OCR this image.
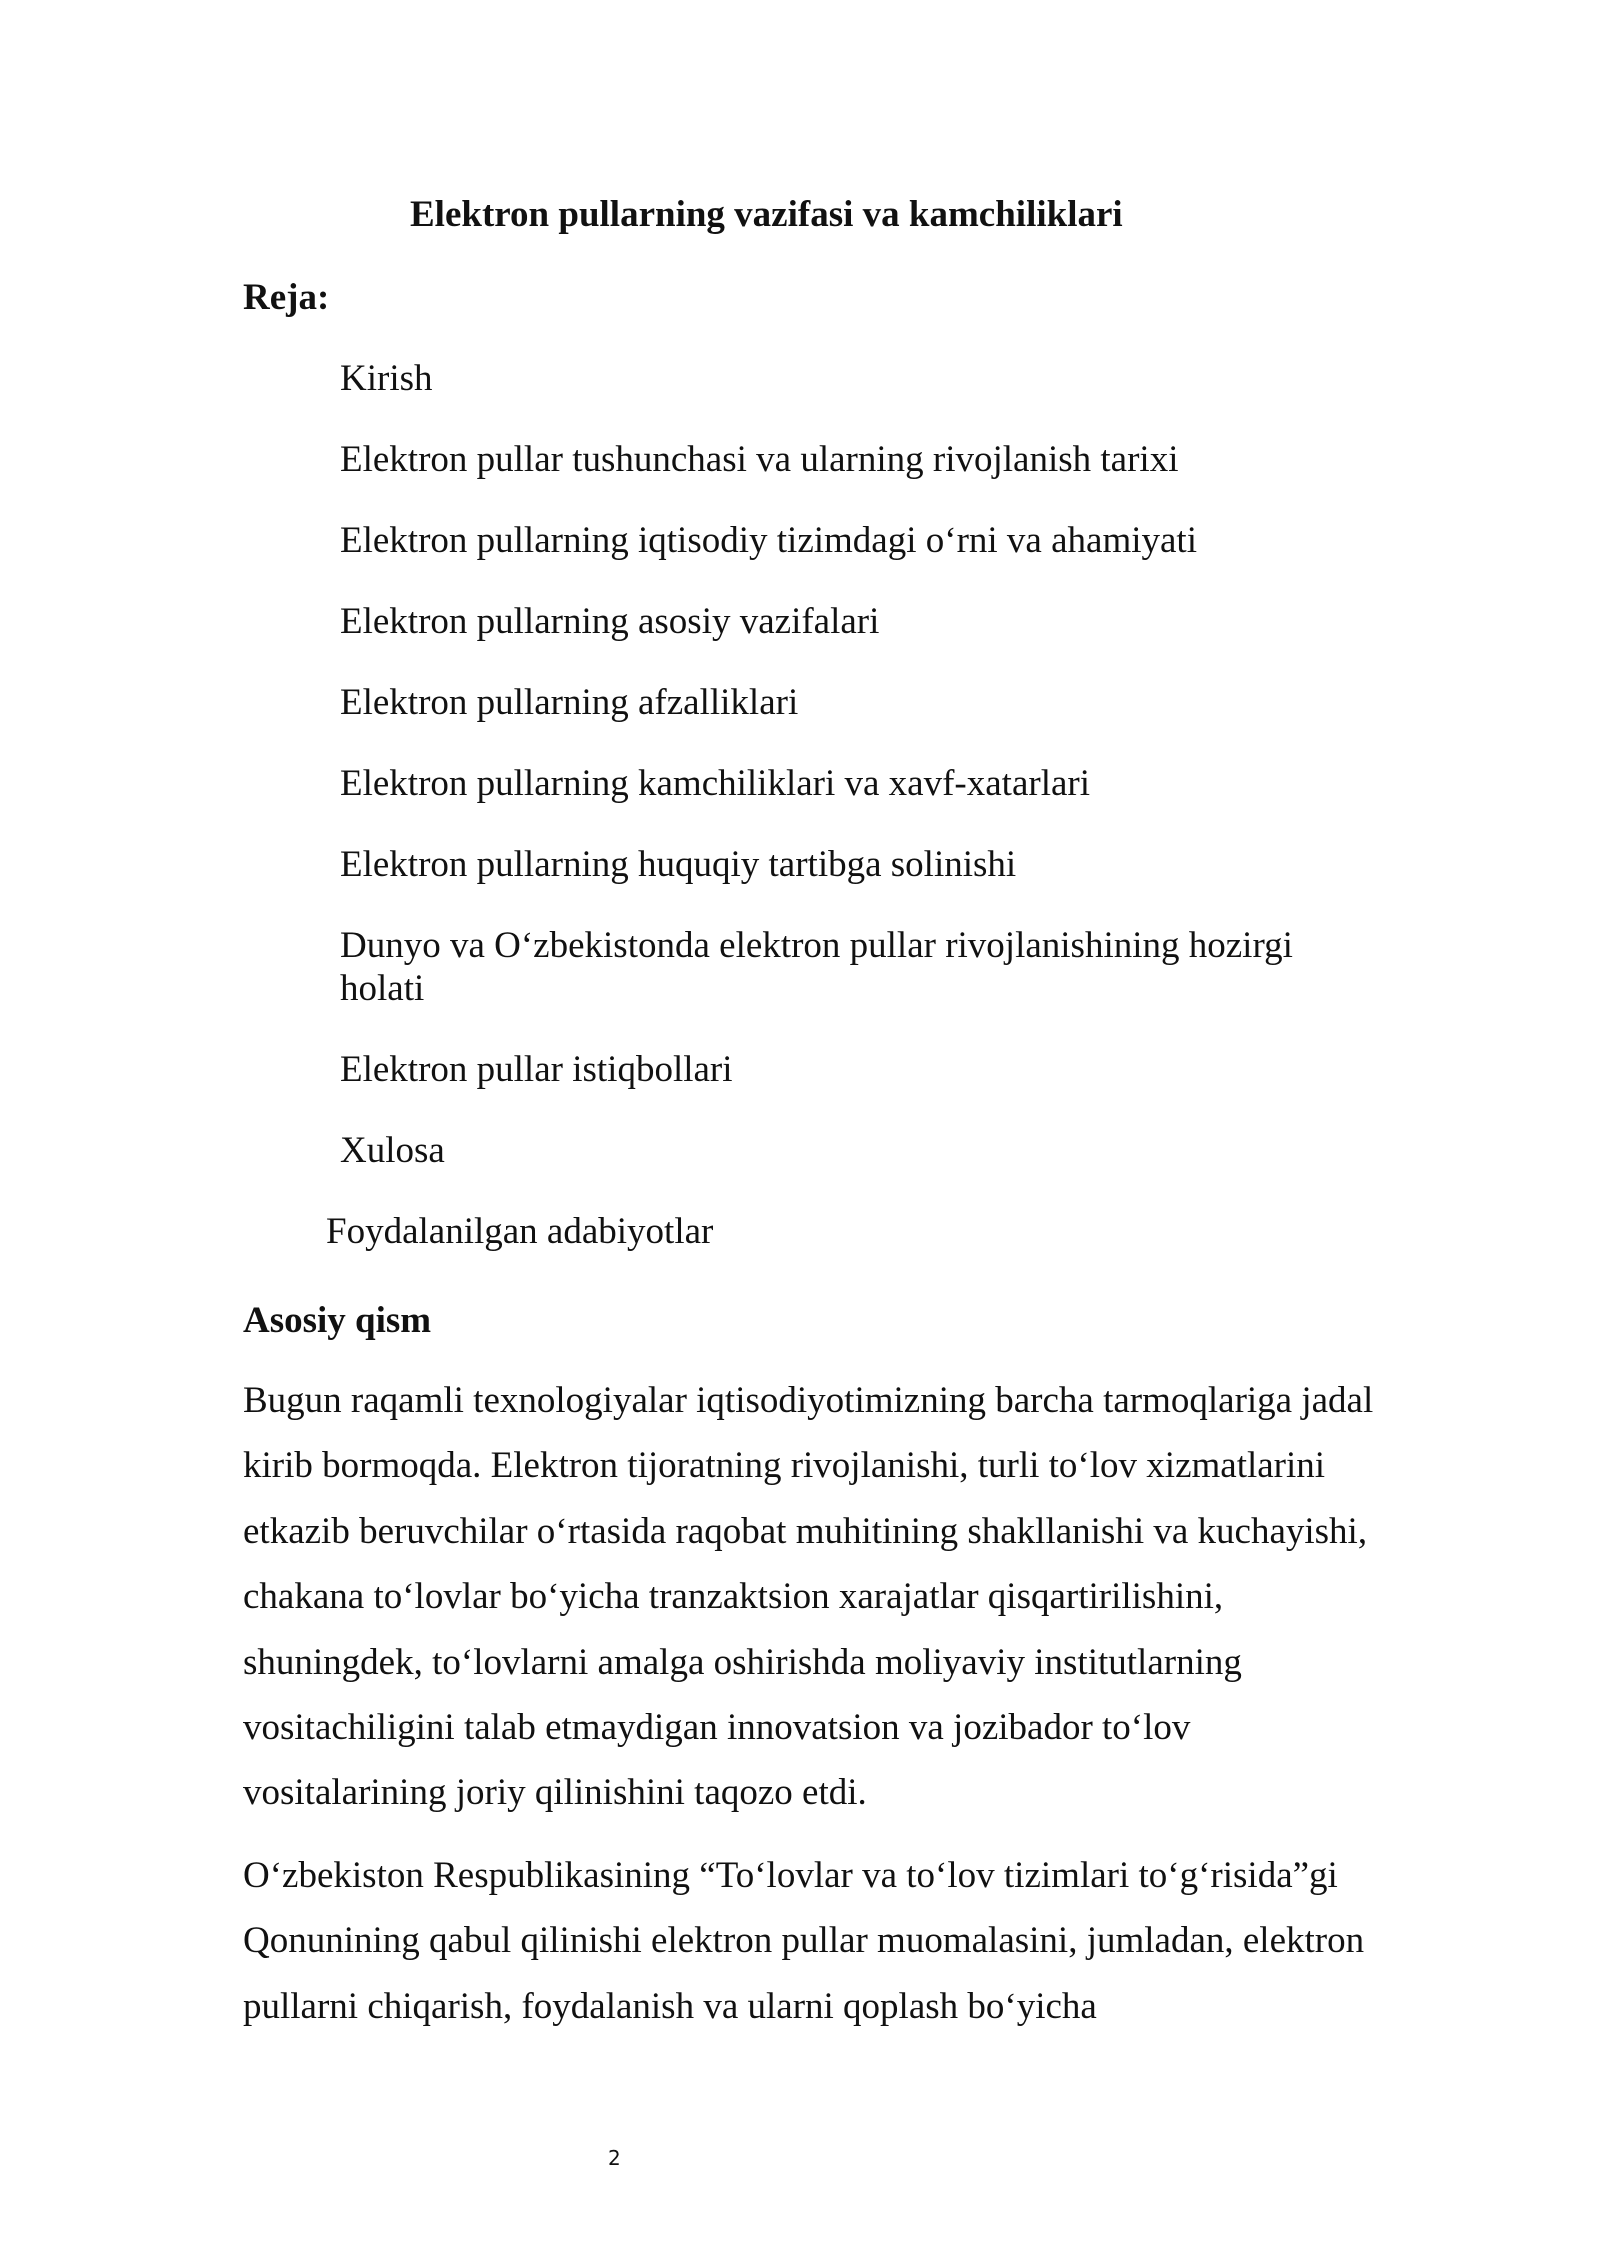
Elektron pullarning vazifasi va kamchiliklari
Reja:
Kirish
Elektron pullar tushunchasi va ularning rivojlanish tarixi
Elektron pullarning iqtisodiy tizimdagi o‘rni va ahamiyati
Elektron pullarning asosiy vazifalari
Elektron pullarning afzalliklari
Elektron pullarning kamchiliklari va xavf-xatarlari
Elektron pullarning huquqiy tartibga solinishi
Dunyo va O‘zbekistonda elektron pullar rivojlanishining hozirgi holati
Elektron pullar istiqbollari
Xulosa
Foydalanilgan adabiyotlar
Asosiy qism

Bugun raqamli texnologiyalar iqtisodiyotimizning barcha tarmoqlariga jadal kirib bormoqda. Elektron tijoratning rivojlanishi, turli to‘lov xizmatlarini etkazib beruvchilar o‘rtasida raqobat muhitining shakllanishi va kuchayishi, chakana to‘lovlar bo‘yicha tranzaktsion xarajatlar qisqartirilishini, shuningdek, to‘lovlarni amalga oshirishda moliyaviy institutlarning vositachiligini talab etmaydigan innovatsion va jozibador to‘lov vositalarining joriy qilinishini taqozo etdi.

O‘zbekiston Respublikasining “To‘lovlar va to‘lov tizimlari to‘g‘risida”gi Qonunining qabul qilinishi elektron pullar muomalasini, jumladan, elektron pullarni chiqarish, foydalanish va ularni qoplash bo‘yicha

2
